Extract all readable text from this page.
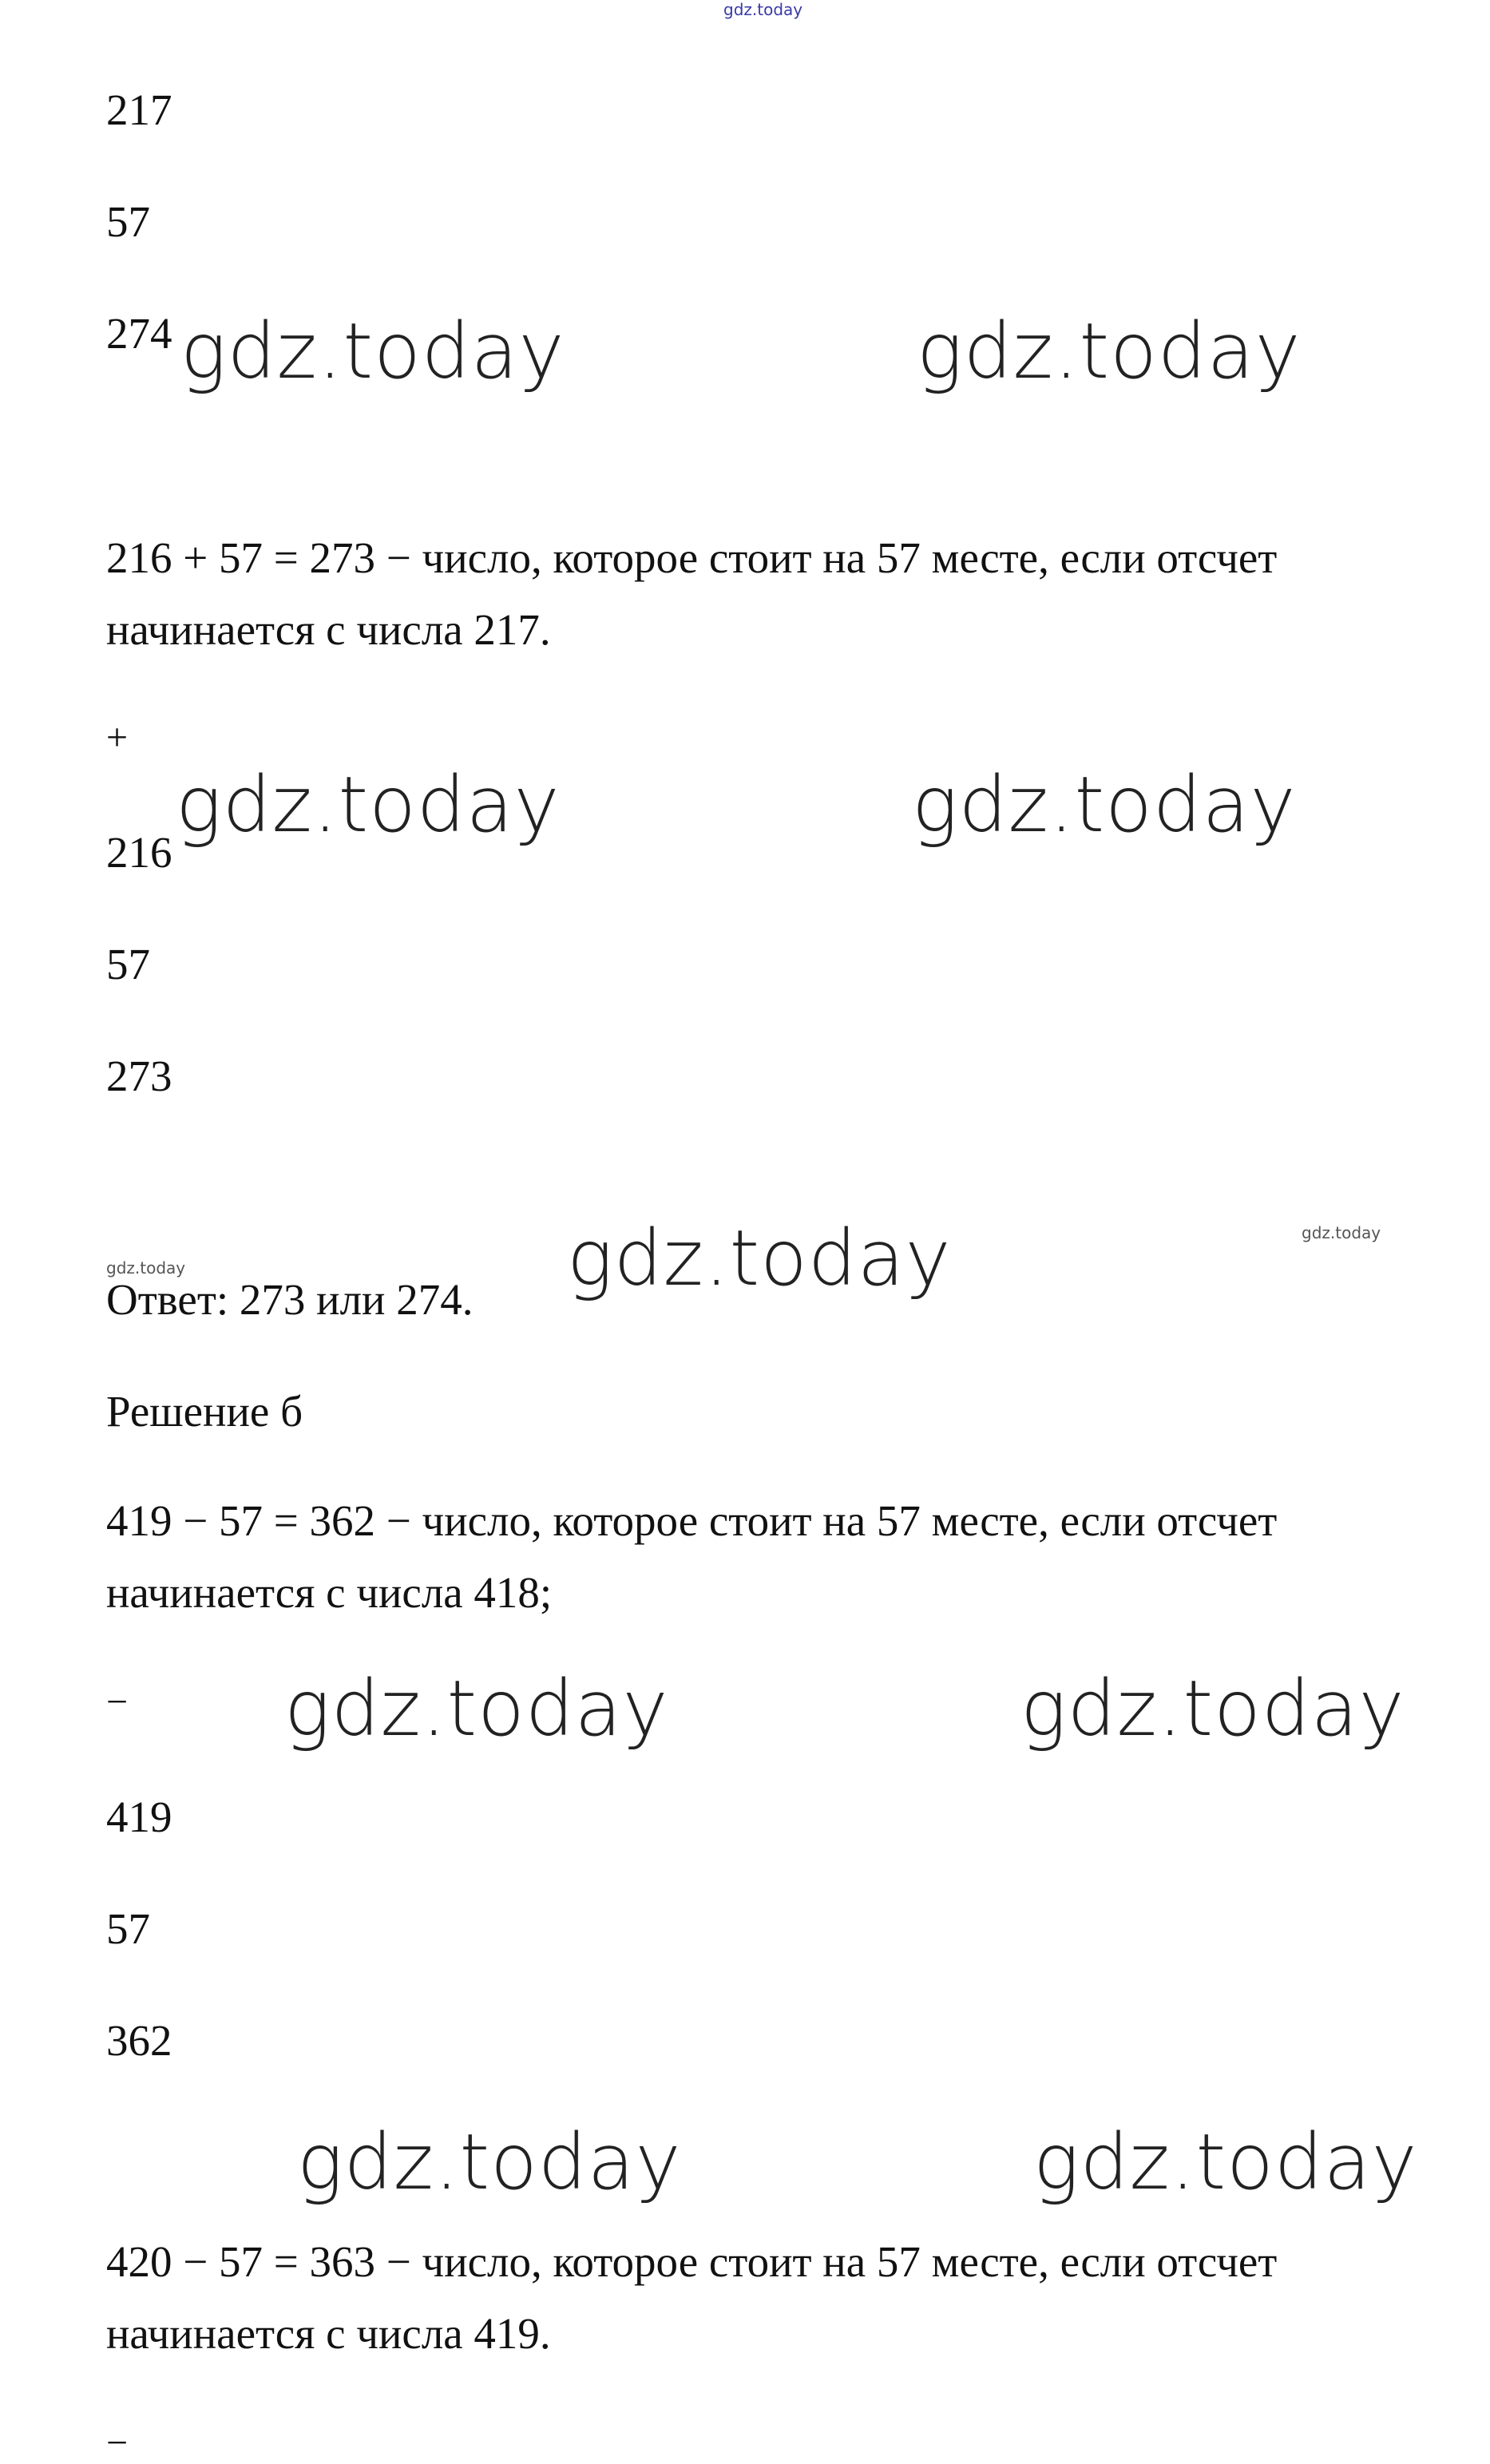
gdz.today
217
57
274 gdz.today	gdz.today
216 + 57 = 273 − число, которое стоит на 57 месте, если отсчет начинается с числа 217.
+
gdz.today	gdz.today
216
57
273
gdz.today
gdz.today
gdz.today
Ответ: 273 или 274.
Решение б
419 − 57 = 362 − число, которое стоит на 57 месте, если отсчет начинается с числа 418;
− gdz.today	gdz.today
419
57
362
gdz.today	gdz.today
420 − 57 = 363 − число, которое стоит на 57 месте, если отсчет начинается с числа 419.
−
